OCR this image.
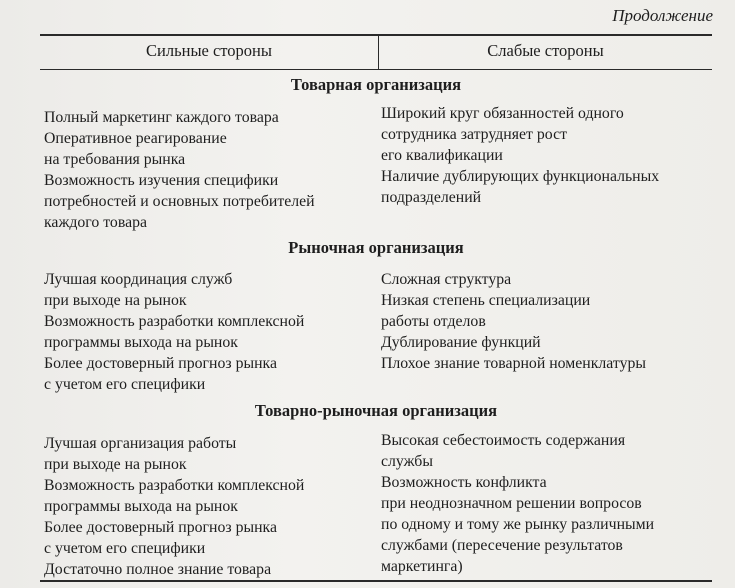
Продолжение
Сильные стороны	Слабые стороны
Товарная организация
Полный маркетинг каждого товара
Оперативное реагирование
на требования рынка
Возможность изучения специфики
потребностей и основных потребителей
каждого товара
Широкий круг обязанностей одного
сотрудника затрудняет рост
его квалификации
Наличие дублирующих функциональных
подразделений
Рыночная организация
Лучшая координация служб
при выходе на рынок
Возможность разработки комплексной
программы выхода на рынок
Более достоверный прогноз рынка
с учетом его специфики
Сложная структура
Низкая степень специализации
работы отделов
Дублирование функций
Плохое знание товарной номенклатуры
Товарно-рыночная организация
Лучшая организация работы
при выходе на рынок
Возможность разработки комплексной
программы выхода на рынок
Более достоверный прогноз рынка
с учетом его специфики
Достаточно полное знание товара
Высокая себестоимость содержания
службы
Возможность конфликта
при неоднозначном решении вопросов
по одному и тому же рынку различными
службами (пересечение результатов
маркетинга)
